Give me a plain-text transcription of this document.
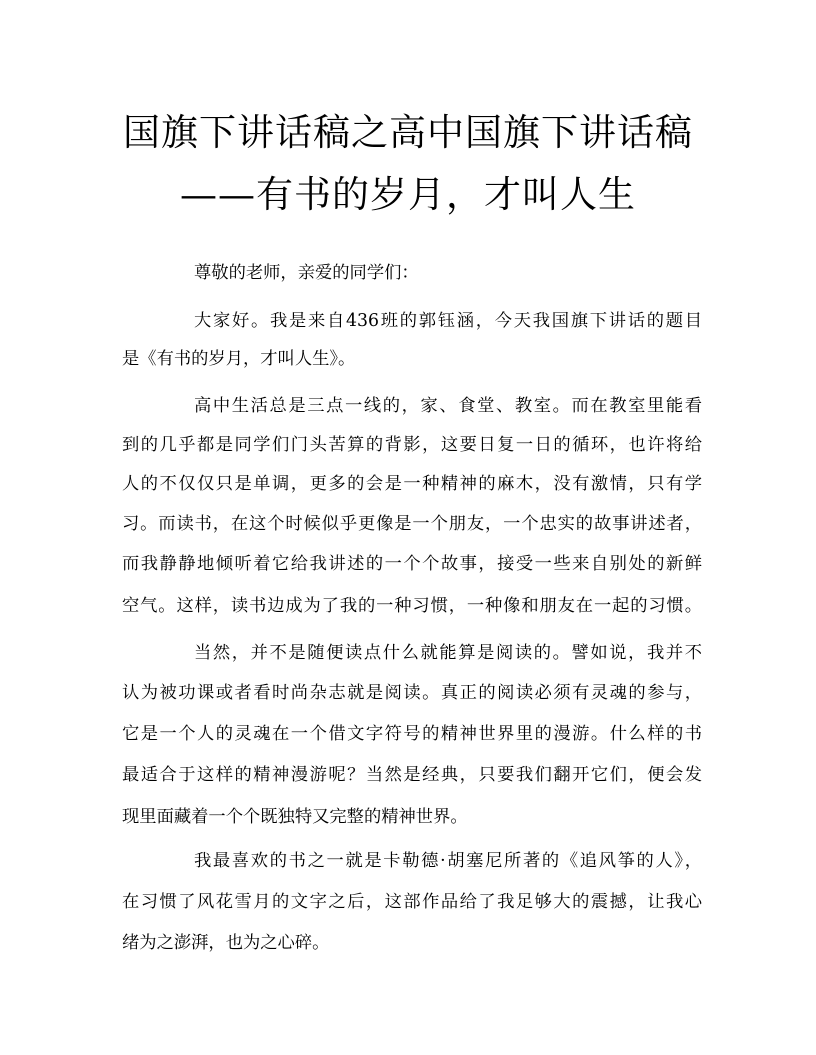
国旗下讲话稿之高中国旗下讲话稿
——有书的岁月，才叫人生
尊敬的老师，亲爱的同学们：
大家好。我是来自436班的郭钰涵，今天我国旗下讲话的题目
是《有书的岁月，才叫人生》。
高中生活总是三点一线的，家、食堂、教室。而在教室里能看
到的几乎都是同学们门头苦算的背影，这要日复一日的循环，也许将给
人的不仅仅只是单调，更多的会是一种精神的麻木，没有激情，只有学
习。而读书，在这个时候似乎更像是一个朋友，一个忠实的故事讲述者，
而我静静地倾听着它给我讲述的一个个故事，接受一些来自别处的新鲜
空气。这样，读书边成为了我的一种习惯，一种像和朋友在一起的习惯。
当然，并不是随便读点什么就能算是阅读的。譬如说，我并不
认为被功课或者看时尚杂志就是阅读。真正的阅读必须有灵魂的参与，
它是一个人的灵魂在一个借文字符号的精神世界里的漫游。什么样的书
最适合于这样的精神漫游呢？当然是经典，只要我们翻开它们，便会发
现里面藏着一个个既独特又完整的精神世界。
我最喜欢的书之一就是卡勒德·胡塞尼所著的《追风筝的人》，
在习惯了风花雪月的文字之后，这部作品给了我足够大的震撼，让我心
绪为之澎湃，也为之心碎。
